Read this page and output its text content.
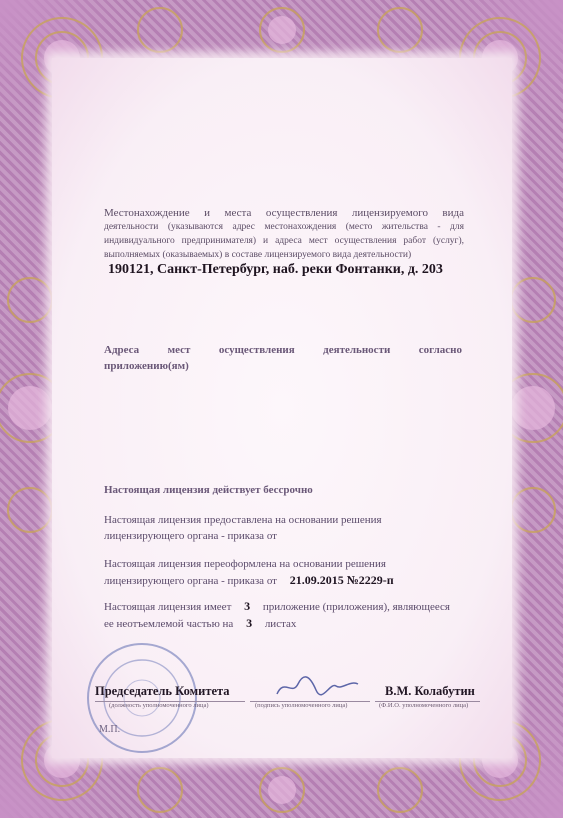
Местонахождение и места осуществления лицензируемого вида
деятельности (указываются адрес местонахождения (место жительства - для
индивидуального предпринимателя) и адреса мест осуществления работ (услуг),
выполняемых (оказываемых) в составе лицензируемого вида деятельности)
190121, Санкт-Петербург, наб. реки Фонтанки, д. 203
Адреса мест осуществления деятельности согласно
приложению(ям)
Настоящая лицензия действует бессрочно
Настоящая лицензия предоставлена на основании решения
лицензирующего органа - приказа от
Настоящая лицензия переоформлена на основании решения
лицензирующего органа - приказа от 21.09.2015 №2229-п
Настоящая лицензия имеет 3 приложение (приложения), являющееся
ее неотъемлемой частью на 3 листах
Председатель Комитета	В.М. Колабутин
(должность уполномоченного лица)	(подпись уполномоченного лица)	(Ф.И.О. уполномоченного лица)
М.П.
